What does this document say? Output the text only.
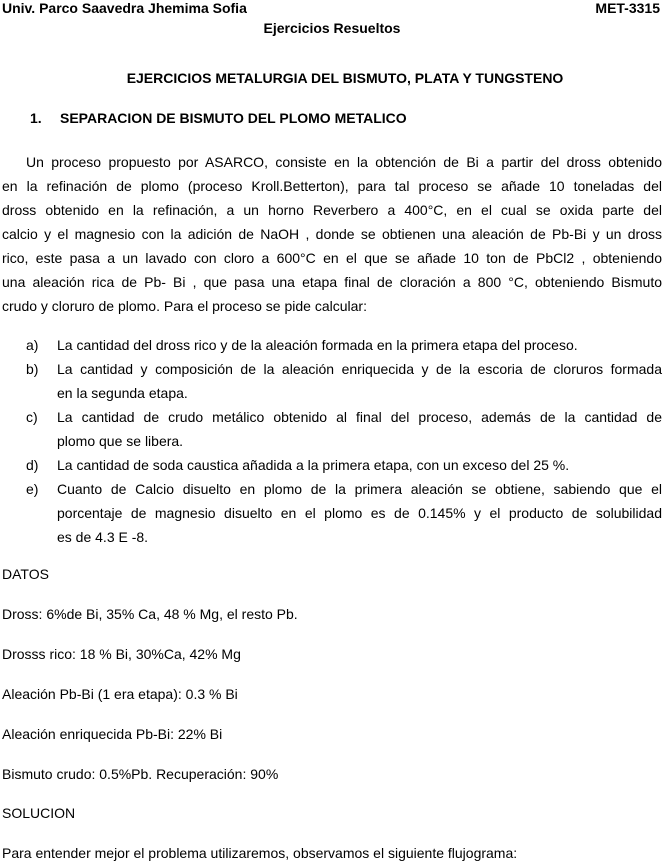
Univ. Parco Saavedra Jhemima Sofia	MET-3315
Ejercicios Resueltos
EJERCICIOS METALURGIA DEL BISMUTO, PLATA Y TUNGSTENO
1. SEPARACION DE BISMUTO DEL PLOMO METALICO
Un proceso propuesto por ASARCO, consiste en la obtención de Bi a partir del dross obtenido
en la refinación de plomo (proceso Kroll.Betterton), para tal proceso se añade 10 toneladas del
dross obtenido en la refinación, a un horno Reverbero a 400°C, en el cual se oxida parte del
calcio y el magnesio con la adición de NaOH , donde se obtienen una aleación de Pb-Bi y un dross
rico, este pasa a un lavado con cloro a 600°C en el que se añade 10 ton de PbCl2 , obteniendo
una aleación rica de Pb- Bi , que pasa una etapa final de cloración a 800 °C, obteniendo Bismuto
crudo y cloruro de plomo. Para el proceso se pide calcular:
a) La cantidad del dross rico y de la aleación formada en la primera etapa del proceso.
b) La cantidad y composición de la aleación enriquecida y de la escoria de cloruros formada
en la segunda etapa.
c) La cantidad de crudo metálico obtenido al final del proceso, además de la cantidad de
plomo que se libera.
d) La cantidad de soda caustica añadida a la primera etapa, con un exceso del 25 %.
e) Cuanto de Calcio disuelto en plomo de la primera aleación se obtiene, sabiendo que el
porcentaje de magnesio disuelto en el plomo es de 0.145% y el producto de solubilidad
es de 4.3 E -8.
DATOS
Dross: 6%de Bi, 35% Ca, 48 % Mg, el resto Pb.
Drosss rico: 18 % Bi, 30%Ca, 42% Mg
Aleación Pb-Bi (1 era etapa): 0.3 % Bi
Aleación enriquecida Pb-Bi: 22% Bi
Bismuto crudo: 0.5%Pb. Recuperación: 90%
SOLUCION
Para entender mejor el problema utilizaremos, observamos el siguiente flujograma:
